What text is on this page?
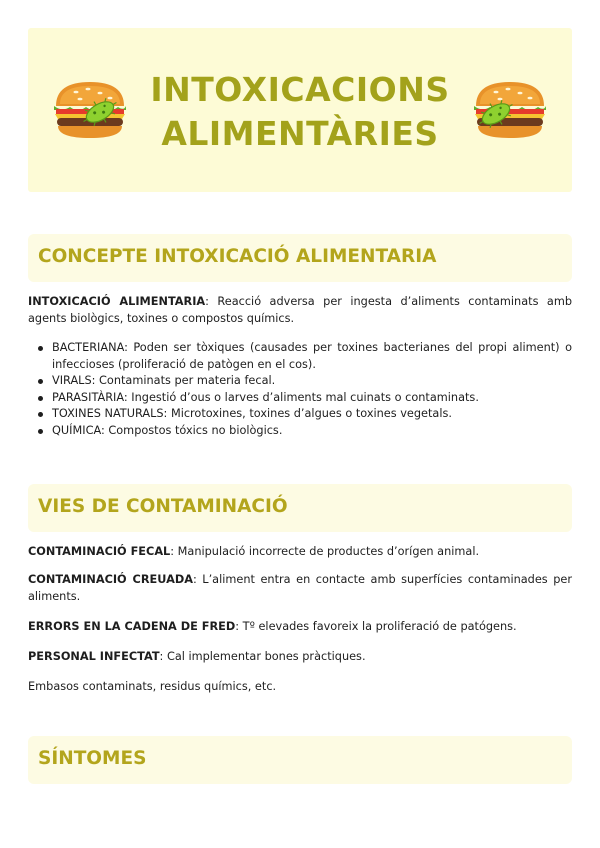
INTOXICACIONS
ALIMENTÀRIES
CONCEPTE INTOXICACIÓ ALIMENTARIA

INTOXICACIÓ ALIMENTARIA: Reacció adversa per ingesta d’aliments contaminats amb agents biològics, toxines o compostos químics.

BACTERIANA: Poden ser tòxiques (causades per toxines bacterianes del propi aliment) o infeccioses (proliferació de patògen en el cos).
VIRALS: Contaminats per materia fecal.
PARASITÀRIA: Ingestió d’ous o larves d’aliments mal cuinats o contaminats.
TOXINES NATURALS: Microtoxines, toxines d’algues o toxines vegetals.
QUÍMICA: Compostos tóxics no biològics.
VIES DE CONTAMINACIÓ

CONTAMINACIÓ FECAL: Manipulació incorrecte de productes d’orígen animal.

CONTAMINACIÓ CREUADA: L’aliment entra en contacte amb superfícies contaminades per aliments.

ERRORS EN LA CADENA DE FRED: Tº elevades favoreix la proliferació de patógens.

PERSONAL INFECTAT: Cal implementar bones pràctiques.

Embasos contaminats, residus químics, etc.

SÍNTOMES
